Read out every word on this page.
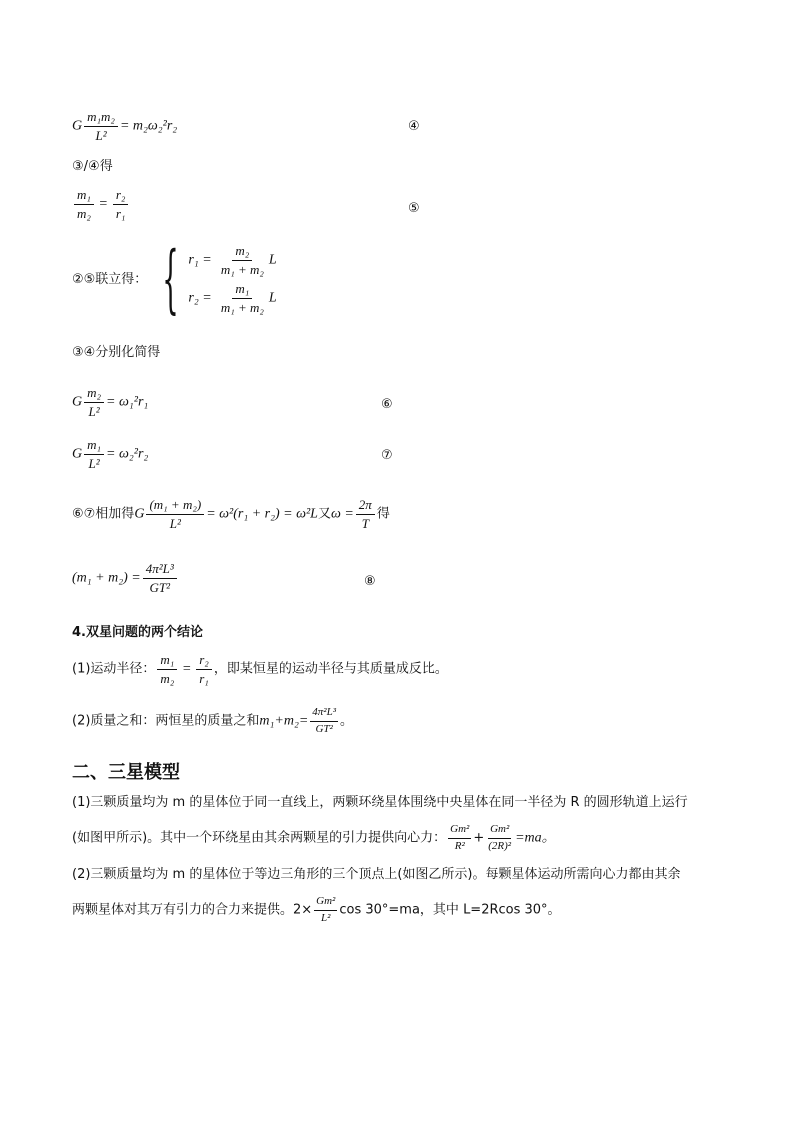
G $\frac{\text{m₁m₂}}{\text{L²}} = m_2\omega_2^2r_2$	④
③/④得
$\frac{\text{m₁}}{\text{m₂}} = \frac{\text{r₂}}{\text{r₁}}$	⑤
②⑤联立得： { $r_1 = \frac{\text{m₂}}{\text{m₁ + m₂}}$ L
$r_2 = \frac{\text{m₁}}{\text{m₁ + m₂}}$ L
③④分别化简得
G $\frac{\text{m₂}}{\text{L²}} = \omega_1^2r_1$	⑥
G $\frac{\text{m₁}}{\text{L²}} = \omega_2^2r_2$	⑦
⑥⑦相加得G $\frac{\text{(m₁ + m₂)}}{\text{L²}} = \omega^2(r_1 + r_2) = \omega^2L$又$\omega = \frac{2\pi}{T}$ 得
$(m_1 + m_2) = \frac{\text{4π²L³}}{\text{GT²}}$	⑧
4.双星问题的两个结论
(1)运动半径： $\frac{\text{m₁}}{\text{m₂}} = \frac{\text{r₂}}{\text{r₁}}$ ，即某恒星的运动半径与其质量成反比。
(2)质量之和：两恒星的质量之和$m_1+m_2= \frac{\text{4π²L³}}{\text{GT²}}$ 。
二、三星模型
(1)三颗质量均为 m 的星体位于同一直线上，两颗环绕星体围绕中央星体在同一半径为 R 的圆形轨道上运行
(如图甲所示)。其中一个环绕星由其余两颗星的引力提供向心力： $\frac{\text{Gm²}}{\text{R²}} + \frac{\text{Gm²}}{\text{(2R)²}} =ma$。
(2)三颗质量均为 m 的星体位于等边三角形的三个顶点上(如图乙所示)。每颗星体运动所需向心力都由其余
两颗星体对其万有引力的合力来提供。$2\times \frac{\text{Gm²}}{\text{L²}}$ cos 30°=ma，其中 L=2Rcos 30°。
